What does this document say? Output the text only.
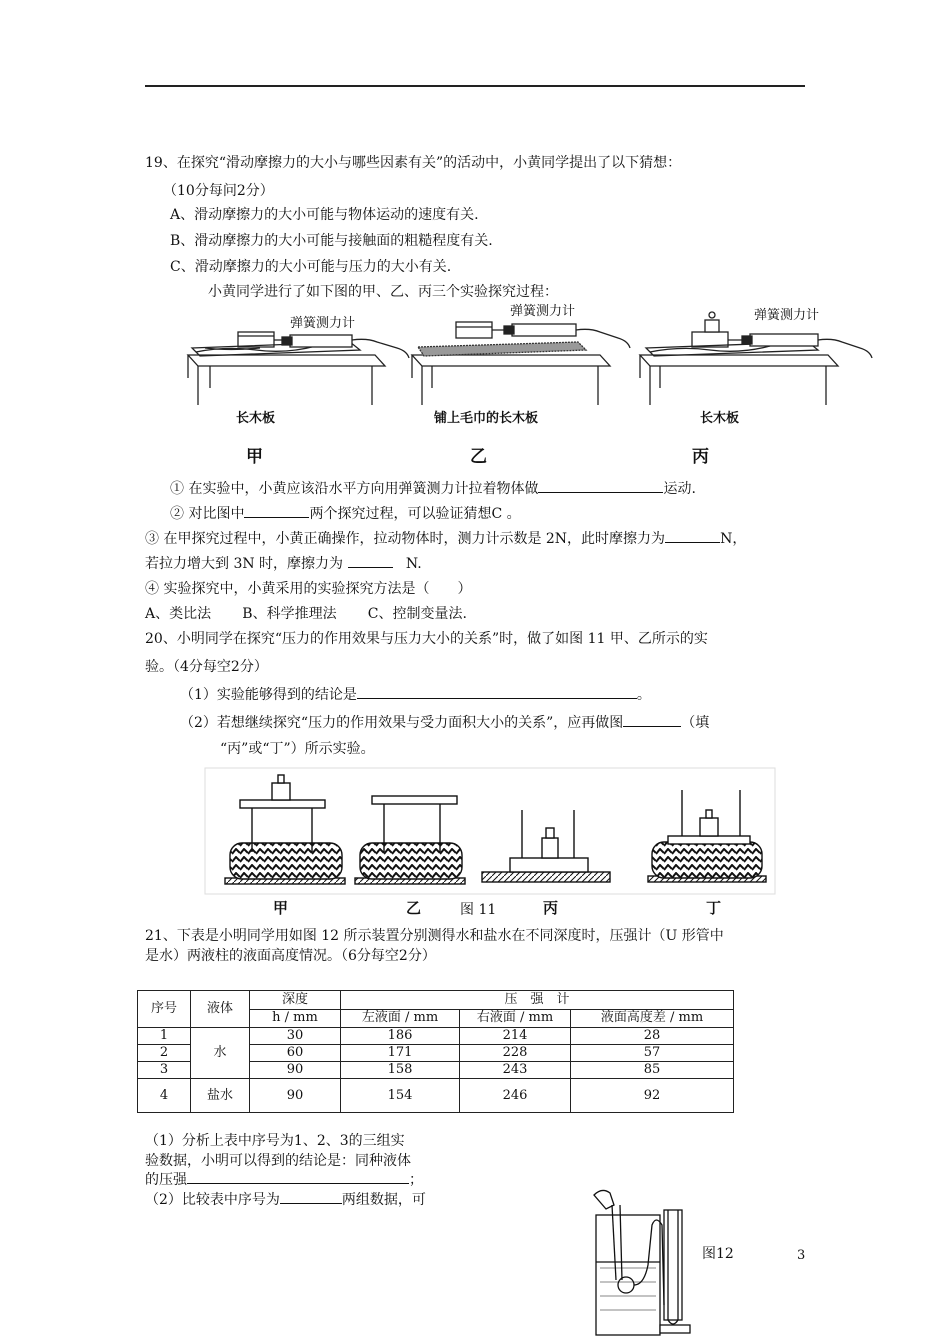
19、在探究“滑动摩擦力的大小与哪些因素有关”的活动中，小黄同学提出了以下猜想：
（10分每问2分）
A、滑动摩擦力的大小可能与物体运动的速度有关.
B、滑动摩擦力的大小可能与接触面的粗糙程度有关.
C、滑动摩擦力的大小可能与压力的大小有关.
小黄同学进行了如下图的甲、乙、丙三个实验探究过程：
弹簧测力计
弹簧测力计	弹簧测力计
长木板	铺上毛巾的长木板	长木板
甲	乙	丙
① 在实验中，小黄应该沿水平方向用弹簧测力计拉着物体做	运动.
② 对比图中	两个探究过程，可以验证猜想C 。
③ 在甲探究过程中，小黄正确操作，拉动物体时，测力计示数是 2N，此时摩擦力为	N，
若拉力增大到 3N 时，摩擦力为	N.
④ 实验探究中，小黄采用的实验探究方法是（　　）
A、类比法 B、科学推理法 C、控制变量法.
20、小明同学在探究“压力的作用效果与压力大小的关系”时，做了如图 11 甲、乙所示的实
验。（4分每空2分）
（1）实验能够得到的结论是	。
（2）若想继续探究“压力的作用效果与受力面积大小的关系”，应再做图	（填
“丙”或“丁”）所示实验。
甲	乙	图 11	丙	丁
21、下表是小明同学用如图 12 所示装置分别测得水和盐水在不同深度时，压强计（U 形管中
是水）两液柱的液面高度情况。（6分每空2分）
序号	液体	深度	压　强　计		
		h / mm	左液面 / mm	右液面 / mm	液面高度差 / mm
1	水	30	186	214	28
2		60	171	228	57
3		90	158	243	85
4	盐水	90	154	246	92
（1）分析上表中序号为1、2、3的三组实
验数据，小明可以得到的结论是：同种液体
的压强	；
（2）比较表中序号为	两组数据，可
图12	3
